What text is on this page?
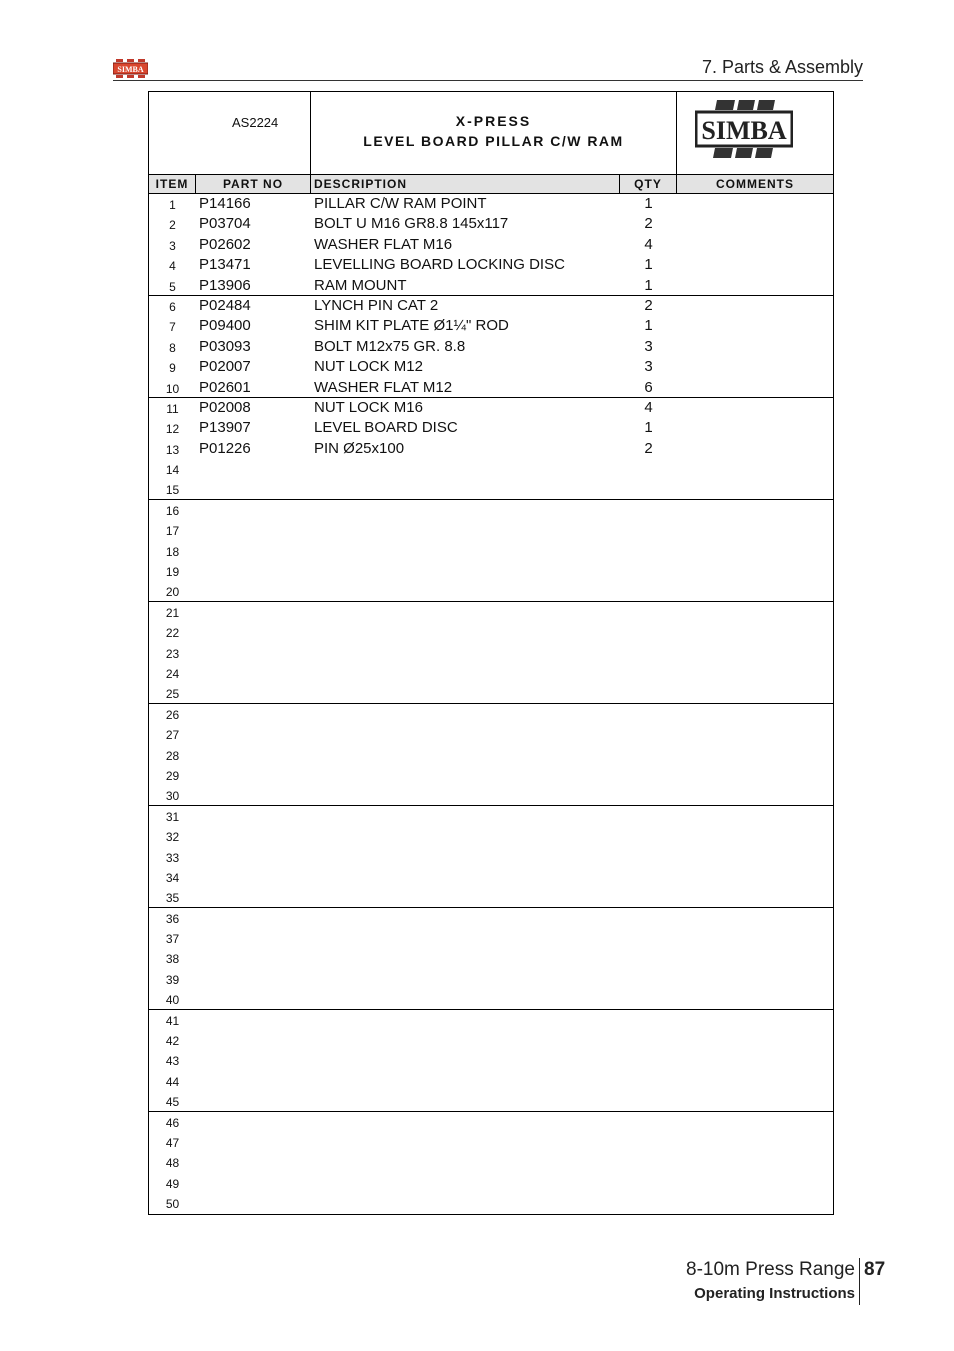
SIMBA	7. Parts & Assembly
AS2224	X-PRESS
LEVEL BOARD PILLAR C/W RAM	SIMBA
ITEM	PART NO	DESCRIPTION	QTY	COMMENTS
1	P14166	PILLAR C/W RAM POINT	1
2	P03704	BOLT U M16 GR8.8 145x117	2
3	P02602	WASHER FLAT M16	4
4	P13471	LEVELLING BOARD LOCKING DISC	1
5	P13906	RAM MOUNT	1
6	P02484	LYNCH PIN CAT 2	2
7	P09400	SHIM KIT PLATE Ø1¼" ROD	1
8	P03093	BOLT M12x75 GR. 8.8	3
9	P02007	NUT LOCK M12	3
10	P02601	WASHER FLAT M12	6
11	P02008	NUT LOCK M16	4
12	P13907	LEVEL BOARD DISC	1
13	P01226	PIN Ø25x100	2
14
15
16
17
18
19
20
21
22
23
24
25
26
27
28
29
30
31
32
33
34
35
36
37
38
39
40
41
42
43
44
45
46
47
48
49
50
8-10m Press Range 87
Operating Instructions
